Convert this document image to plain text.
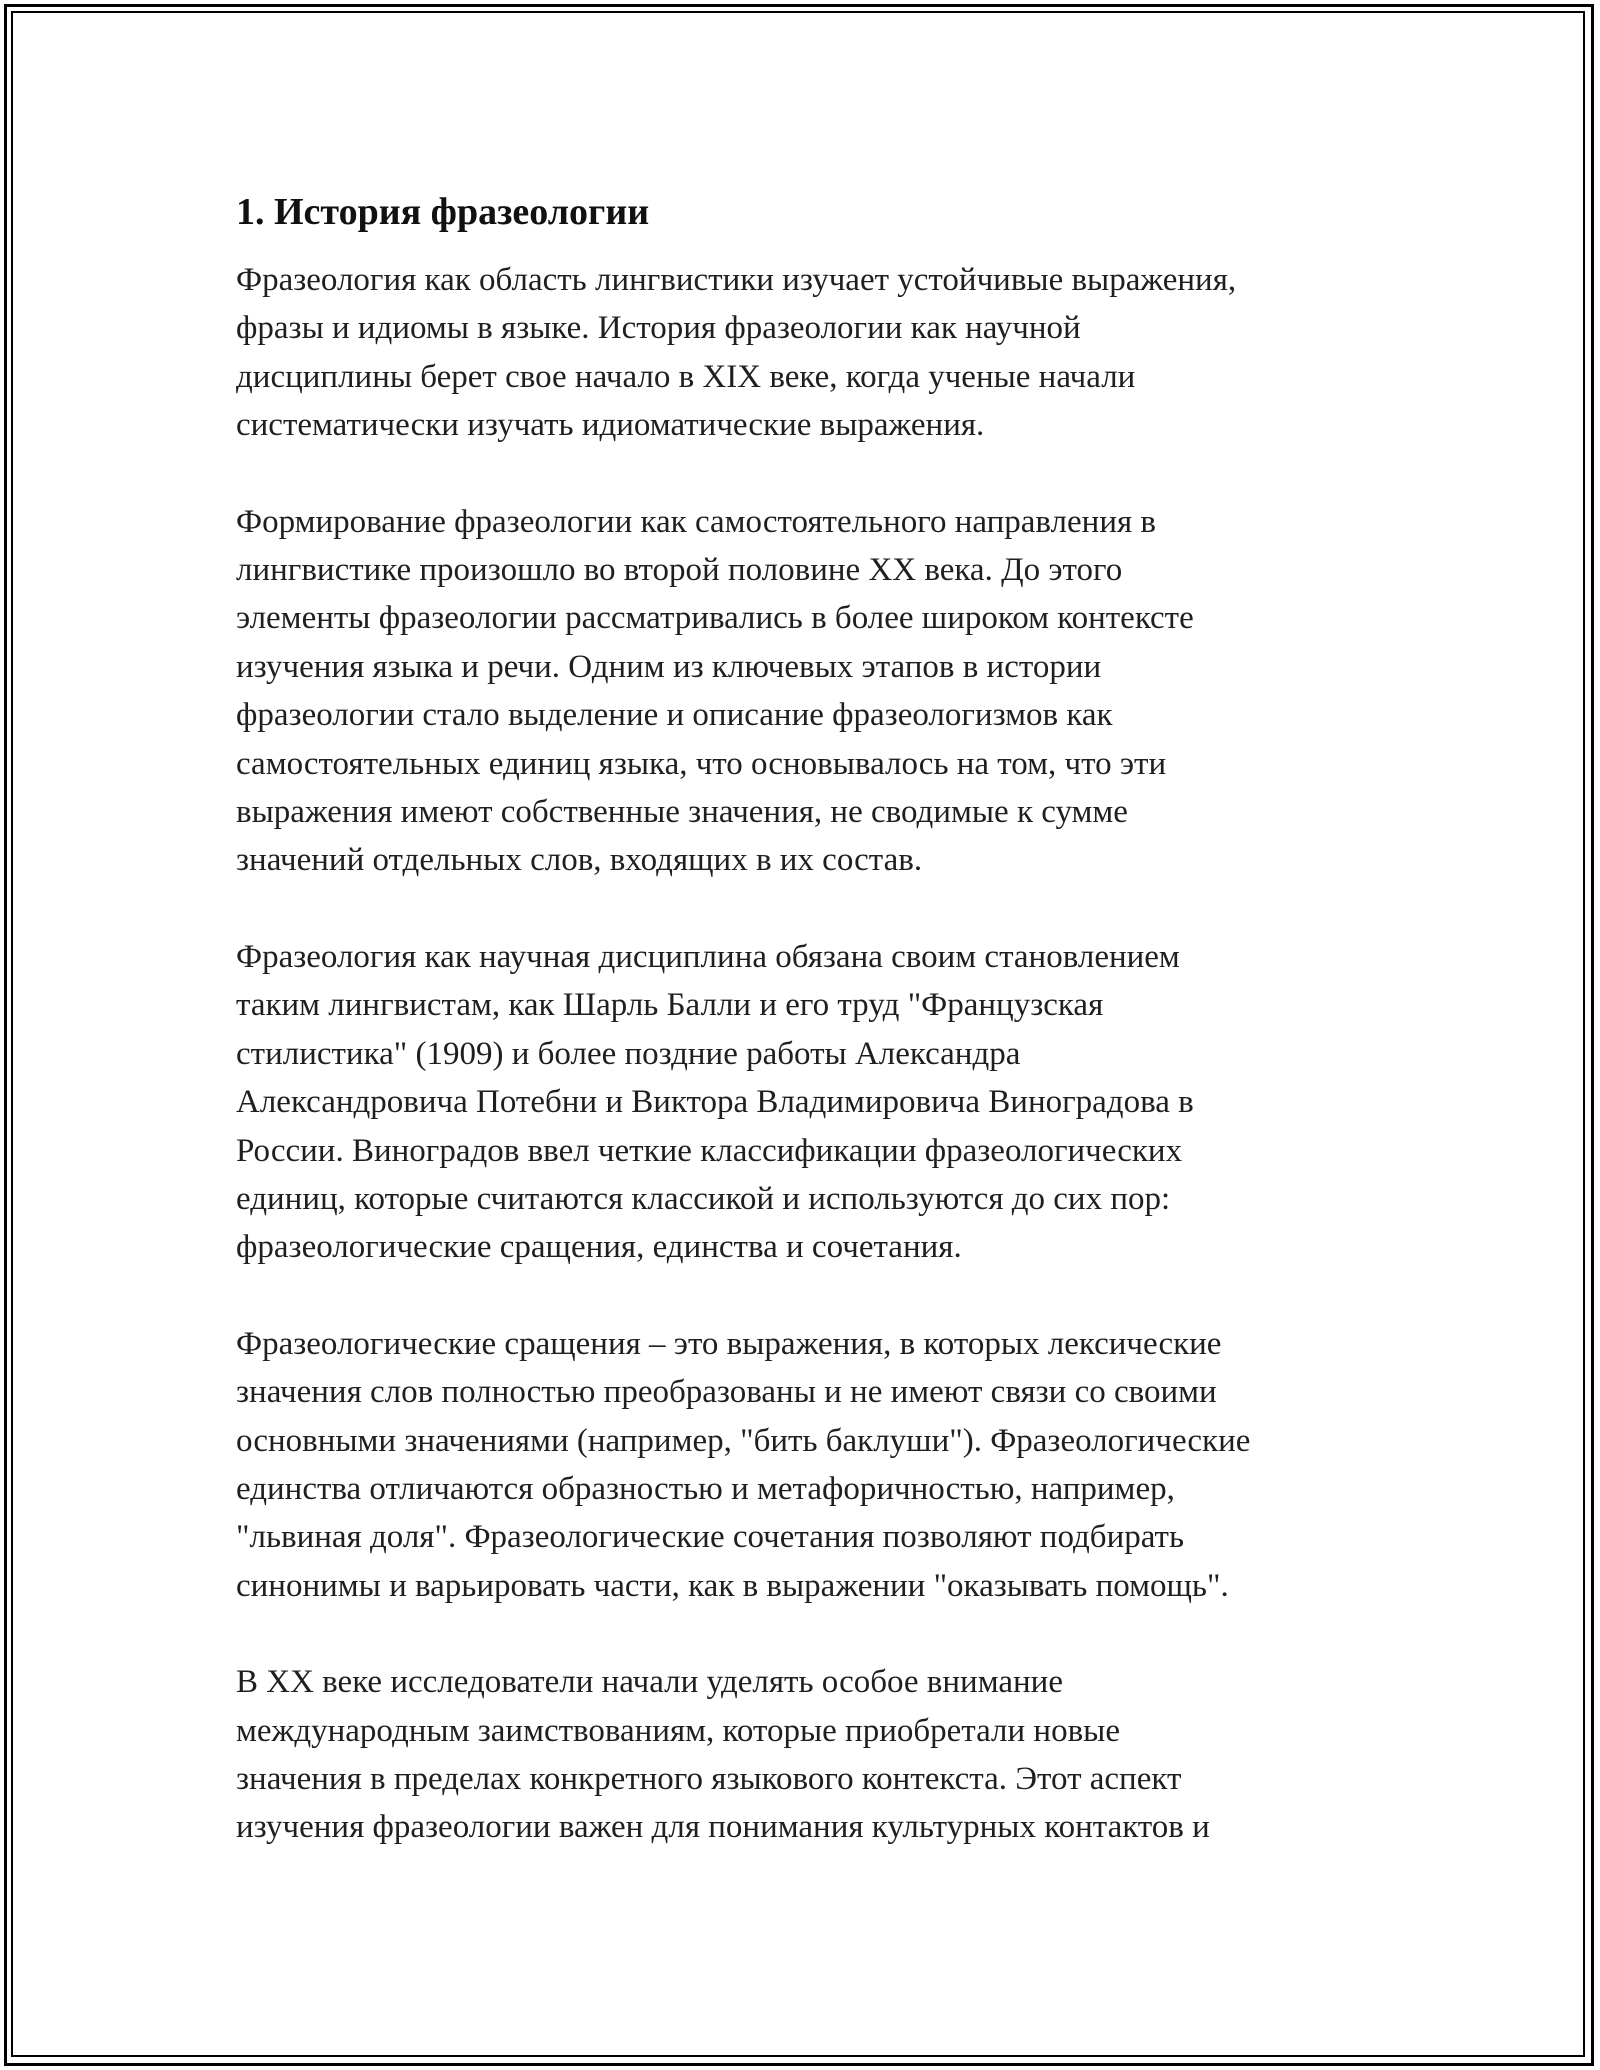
1. История фразеологии

Фразеология как область лингвистики изучает устойчивые выражения,
фразы и идиомы в языке. История фразеологии как научной
дисциплины берет свое начало в XIX веке, когда ученые начали
систематически изучать идиоматические выражения.

Формирование фразеологии как самостоятельного направления в
лингвистике произошло во второй половине XX века. До этого
элементы фразеологии рассматривались в более широком контексте
изучения языка и речи. Одним из ключевых этапов в истории
фразеологии стало выделение и описание фразеологизмов как
самостоятельных единиц языка, что основывалось на том, что эти
выражения имеют собственные значения, не сводимые к сумме
значений отдельных слов, входящих в их состав.

Фразеология как научная дисциплина обязана своим становлением
таким лингвистам, как Шарль Балли и его труд "Французская
стилистика" (1909) и более поздние работы Александра
Александровича Потебни и Виктора Владимировича Виноградова в
России. Виноградов ввел четкие классификации фразеологических
единиц, которые считаются классикой и используются до сих пор:
фразеологические сращения, единства и сочетания.

Фразеологические сращения – это выражения, в которых лексические
значения слов полностью преобразованы и не имеют связи со своими
основными значениями (например, "бить баклуши"). Фразеологические
единства отличаются образностью и метафоричностью, например,
"львиная доля". Фразеологические сочетания позволяют подбирать
синонимы и варьировать части, как в выражении "оказывать помощь".

В XX веке исследователи начали уделять особое внимание
международным заимствованиям, которые приобретали новые
значения в пределах конкретного языкового контекста. Этот аспект
изучения фразеологии важен для понимания культурных контактов и
